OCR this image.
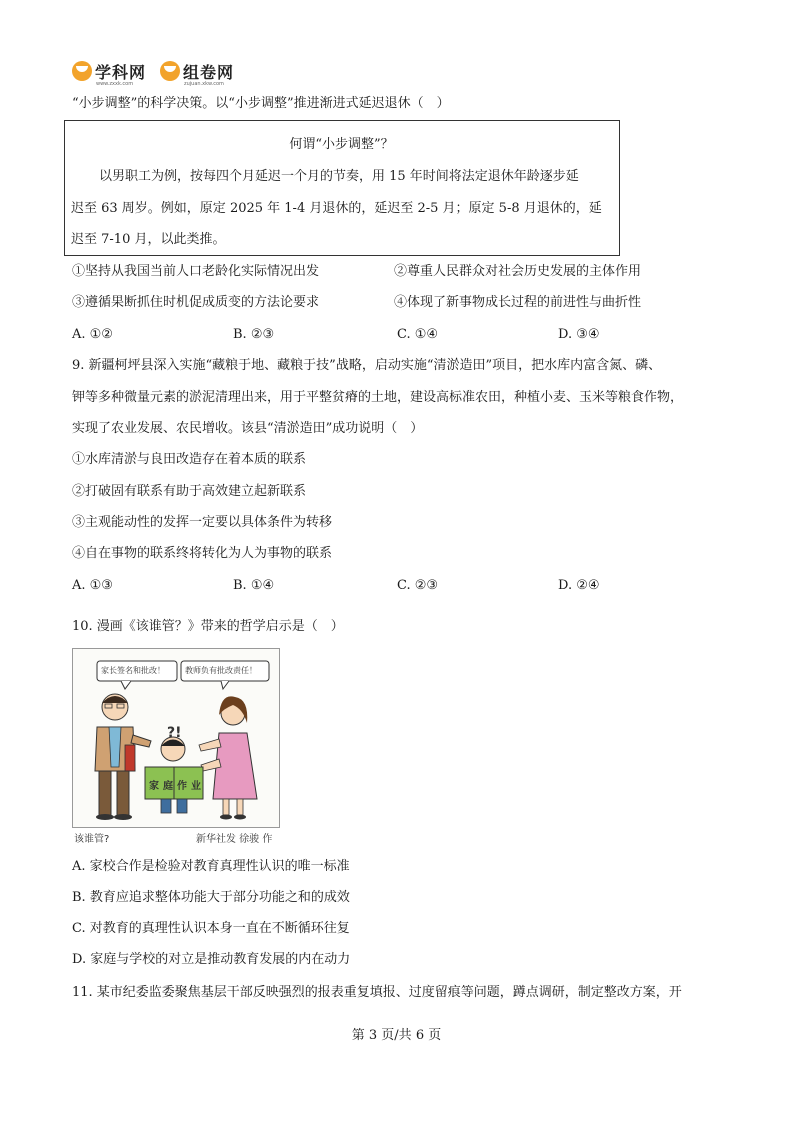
学科网
www.zxxk.com
组卷网
zujuan.xkw.com
“小步调整”的科学决策。以“小步调整”推进渐进式延迟退休（　）
何谓“小步调整”？
以男职工为例，按每四个月延迟一个月的节奏，用 15 年时间将法定退休年龄逐步延
迟至 63 周岁。例如，原定 2025 年 1-4 月退休的，延迟至 2-5 月；原定 5-8 月退休的，延
迟至 7-10 月，以此类推。
①坚持从我国当前人口老龄化实际情况出发	②尊重人民群众对社会历史发展的主体作用
③遵循果断抓住时机促成质变的方法论要求	④体现了新事物成长过程的前进性与曲折性
A. ①②	B. ②③	C. ①④	D. ③④
9. 新疆柯坪县深入实施“藏粮于地、藏粮于技”战略，启动实施“清淤造田”项目，把水库内富含氮、磷、
钾等多种微量元素的淤泥清理出来，用于平整贫瘠的土地，建设高标准农田，种植小麦、玉米等粮食作物，
实现了农业发展、农民增收。该县“清淤造田”成功说明（　）
①水库清淤与良田改造存在着本质的联系
②打破固有联系有助于高效建立起新联系
③主观能动性的发挥一定要以具体条件为转移
④自在事物的联系终将转化为人为事物的联系
A. ①③	B. ①④	C. ②③	D. ②④
10. 漫画《该谁管？》带来的哲学启示是（　）
家长签名和批改！	教师负有批改责任！
?!
家庭作业
该谁管?	新华社发 徐骏 作
A. 家校合作是检验对教育真理性认识的唯一标准
B. 教育应追求整体功能大于部分功能之和的成效
C. 对教育的真理性认识本身一直在不断循环往复
D. 家庭与学校的对立是推动教育发展的内在动力
11. 某市纪委监委聚焦基层干部反映强烈的报表重复填报、过度留痕等问题，蹲点调研，制定整改方案，开
第 3 页/共 6 页
